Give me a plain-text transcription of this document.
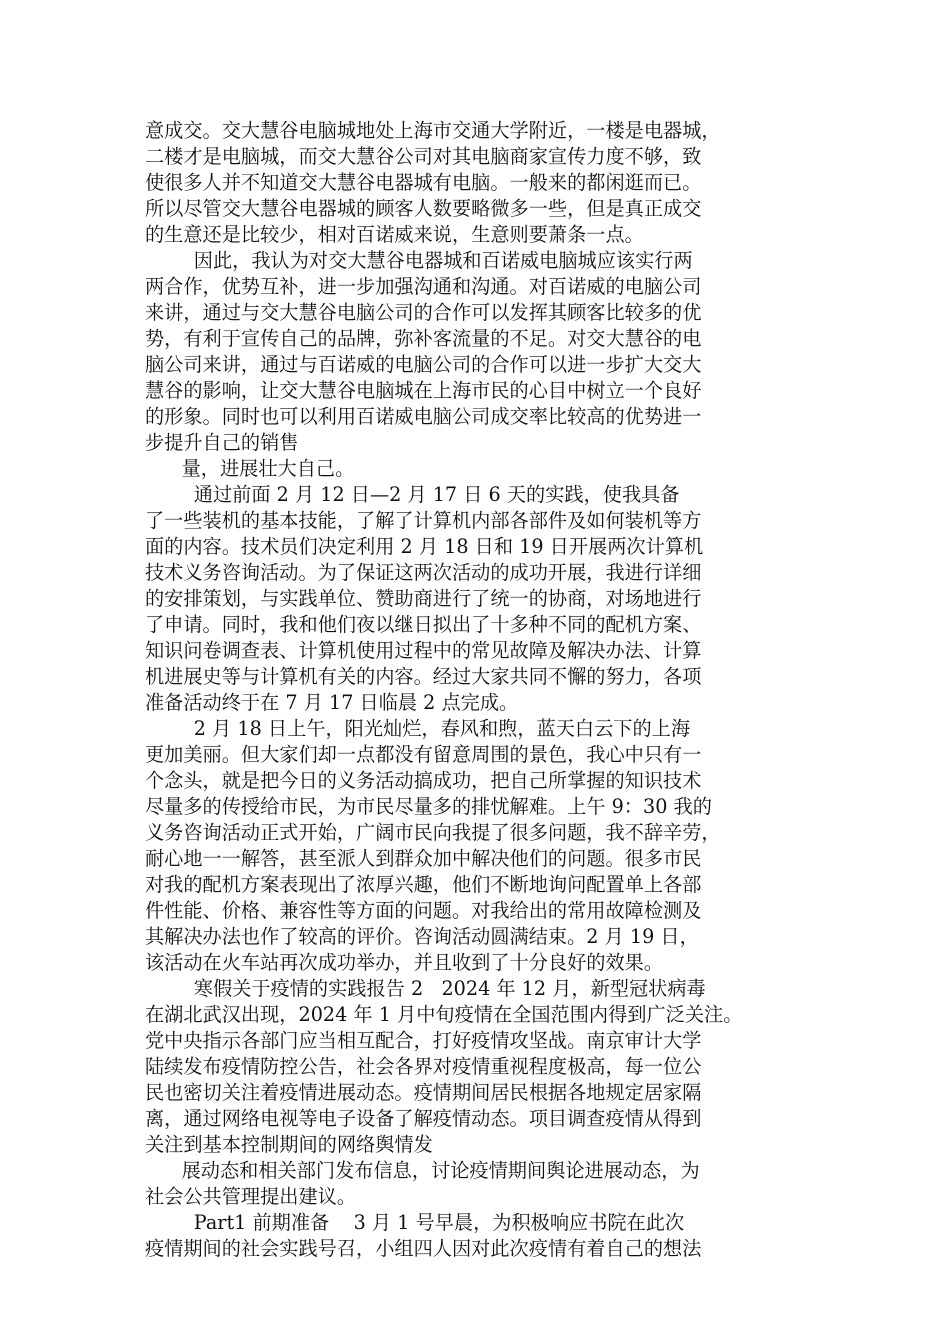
意成交。交大慧谷电脑城地处上海市交通大学附近，一楼是电器城，
二楼才是电脑城，而交大慧谷公司对其电脑商家宣传力度不够，致
使很多人并不知道交大慧谷电器城有电脑。一般来的都闲逛而已。
所以尽管交大慧谷电器城的顾客人数要略微多一些，但是真正成交
的生意还是比较少，相对百诺威来说，生意则要萧条一点。
因此，我认为对交大慧谷电器城和百诺威电脑城应该实行两
两合作，优势互补，进一步加强沟通和沟通。对百诺威的电脑公司
来讲，通过与交大慧谷电脑公司的合作可以发挥其顾客比较多的优
势，有利于宣传自己的品牌，弥补客流量的不足。对交大慧谷的电
脑公司来讲，通过与百诺威的电脑公司的合作可以进一步扩大交大
慧谷的影响，让交大慧谷电脑城在上海市民的心目中树立一个良好
的形象。同时也可以利用百诺威电脑公司成交率比较高的优势进一
步提升自己的销售
量，进展壮大自己。
通过前面 2 月 12 日—2 月 17 日 6 天的实践，使我具备
了一些装机的基本技能，了解了计算机内部各部件及如何装机等方
面的内容。技术员们决定利用 2 月 18 日和 19 日开展两次计算机
技术义务咨询活动。为了保证这两次活动的成功开展，我进行详细
的安排策划，与实践单位、赞助商进行了统一的协商，对场地进行
了申请。同时，我和他们夜以继日拟出了十多种不同的配机方案、
知识问卷调查表、计算机使用过程中的常见故障及解决办法、计算
机进展史等与计算机有关的内容。经过大家共同不懈的努力，各项
准备活动终于在 7 月 17 日临晨 2 点完成。
2 月 18 日上午，阳光灿烂，春风和煦，蓝天白云下的上海
更加美丽。但大家们却一点都没有留意周围的景色，我心中只有一
个念头，就是把今日的义务活动搞成功，把自己所掌握的知识技术
尽量多的传授给市民，为市民尽量多的排忧解难。上午 9：30 我的
义务咨询活动正式开始，广阔市民向我提了很多问题，我不辞辛劳，
耐心地一一解答，甚至派人到群众加中解决他们的问题。很多市民
对我的配机方案表现出了浓厚兴趣，他们不断地询问配置单上各部
件性能、价格、兼容性等方面的问题。对我给出的常用故障检测及
其解决办法也作了较高的评价。咨询活动圆满结束。2 月 19 日，
该活动在火车站再次成功举办，并且收到了十分良好的效果。
寒假关于疫情的实践报告 2   2024 年 12 月，新型冠状病毒
在湖北武汉出现，2024 年 1 月中旬疫情在全国范围内得到广泛关注。
党中央指示各部门应当相互配合，打好疫情攻坚战。南京审计大学
陆续发布疫情防控公告，社会各界对疫情重视程度极高，每一位公
民也密切关注着疫情进展动态。疫情期间居民根据各地规定居家隔
离，通过网络电视等电子设备了解疫情动态。项目调查疫情从得到
关注到基本控制期间的网络舆情发
展动态和相关部门发布信息，讨论疫情期间舆论进展动态，为
社会公共管理提出建议。
Part1 前期准备    3 月 1 号早晨，为积极响应书院在此次
疫情期间的社会实践号召，小组四人因对此次疫情有着自己的想法
